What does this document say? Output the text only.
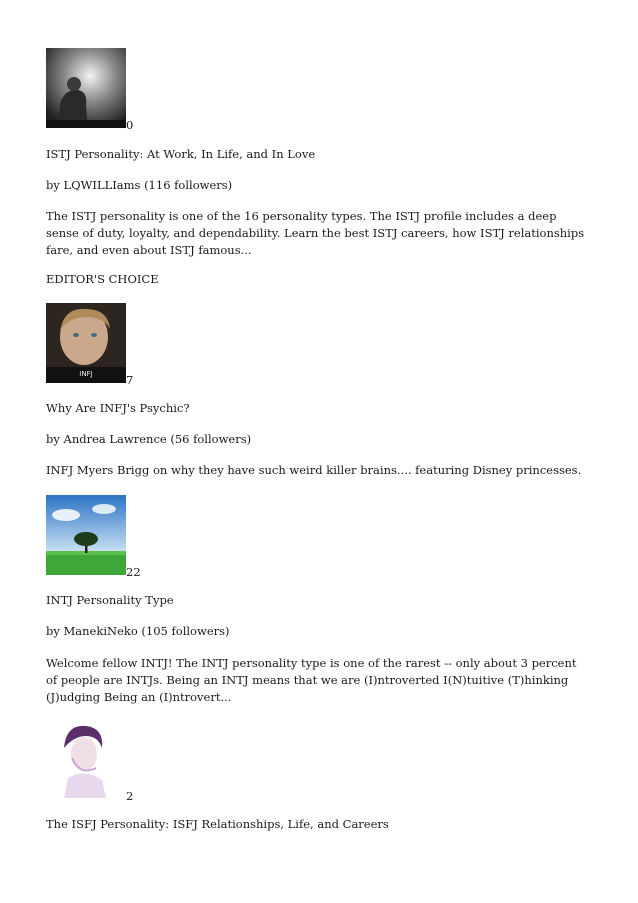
0
ISTJ Personality: At Work, In Life, and In Love
by LQWILLIams (116 followers)
The ISTJ personality is one of the 16 personality types. The ISTJ profile includes a deep sense of duty, loyalty, and dependability. Learn the best ISTJ careers, how ISTJ relationships fare, and even about ISTJ famous...
EDITOR'S CHOICE
INFJ	7
Why Are INFJ's Psychic?
by Andrea Lawrence (56 followers)
INFJ Myers Brigg on why they have such weird killer brains.... featuring Disney princesses.
22
INTJ Personality Type
by ManekiNeko (105 followers)
Welcome fellow INTJ! The INTJ personality type is one of the rarest -- only about 3 percent of people are INTJs. Being an INTJ means that we are (I)ntroverted I(N)tuitive (T)hinking (J)udging Being an (I)ntrovert...
2
The ISFJ Personality: ISFJ Relationships, Life, and Careers
